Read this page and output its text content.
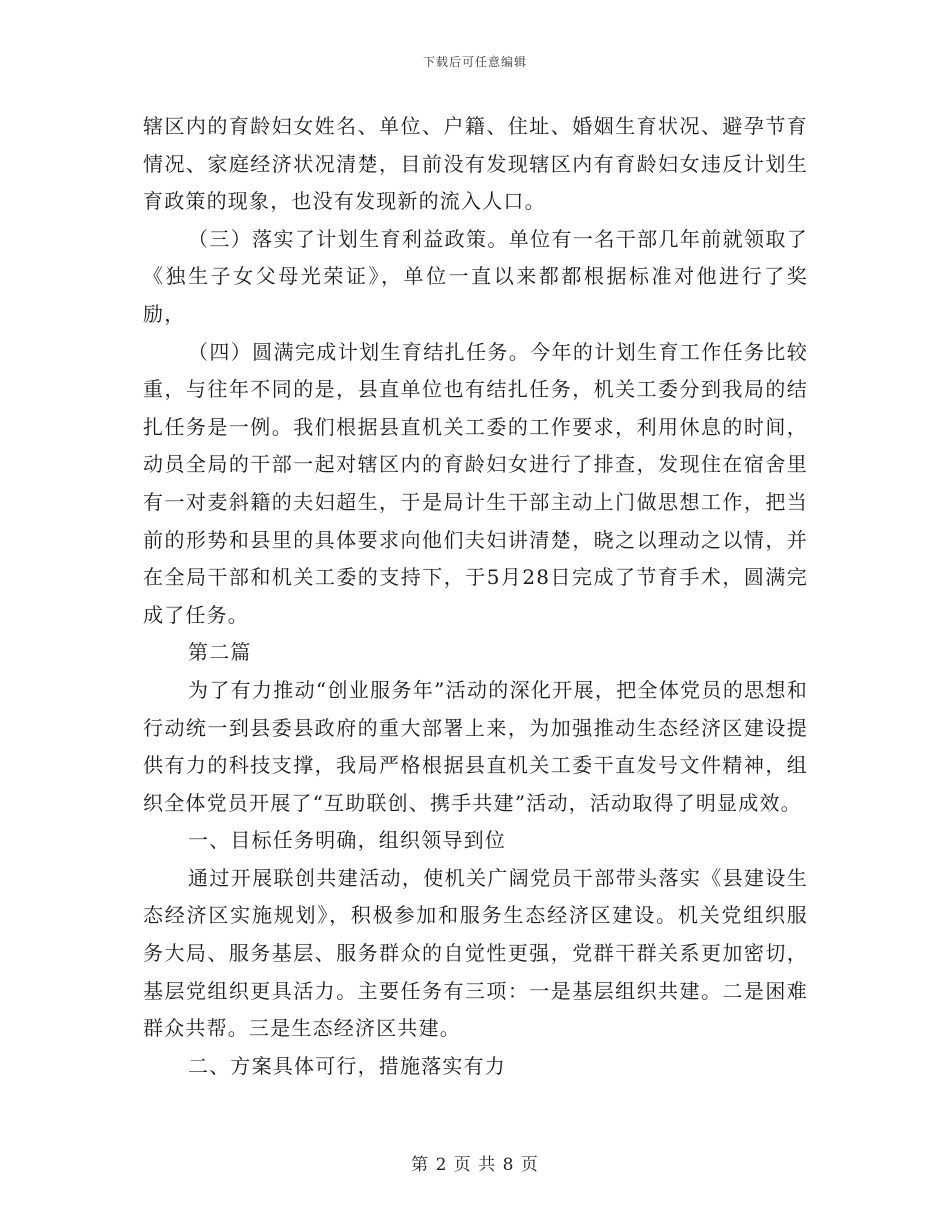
下载后可任意编辑

辖区内的育龄妇女姓名、单位、户籍、住址、婚姻生育状况、避孕节育情况、家庭经济状况清楚，目前没有发现辖区内有育龄妇女违反计划生育政策的现象，也没有发现新的流入人口。

（三）落实了计划生育利益政策。单位有一名干部几年前就领取了《独生子女父母光荣证》，单位一直以来都都根据标准对他进行了奖励，

（四）圆满完成计划生育结扎任务。今年的计划生育工作任务比较重，与往年不同的是，县直单位也有结扎任务，机关工委分到我局的结扎任务是一例。我们根据县直机关工委的工作要求，利用休息的时间，动员全局的干部一起对辖区内的育龄妇女进行了排查，发现住在宿舍里有一对麦斜籍的夫妇超生，于是局计生干部主动上门做思想工作，把当前的形势和县里的具体要求向他们夫妇讲清楚，晓之以理动之以情，并在全局干部和机关工委的支持下，于5月28日完成了节育手术，圆满完成了任务。

第二篇

为了有力推动“创业服务年”活动的深化开展，把全体党员的思想和行动统一到县委县政府的重大部署上来，为加强推动生态经济区建设提供有力的科技支撑，我局严格根据县直机关工委干直发号文件精神，组织全体党员开展了“互助联创、携手共建”活动，活动取得了明显成效。

一、目标任务明确，组织领导到位

通过开展联创共建活动，使机关广阔党员干部带头落实《县建设生态经济区实施规划》，积极参加和服务生态经济区建设。机关党组织服务大局、服务基层、服务群众的自觉性更强，党群干群关系更加密切，基层党组织更具活力。主要任务有三项：一是基层组织共建。二是困难群众共帮。三是生态经济区共建。

二、方案具体可行，措施落实有力

第 2 页 共 8 页
